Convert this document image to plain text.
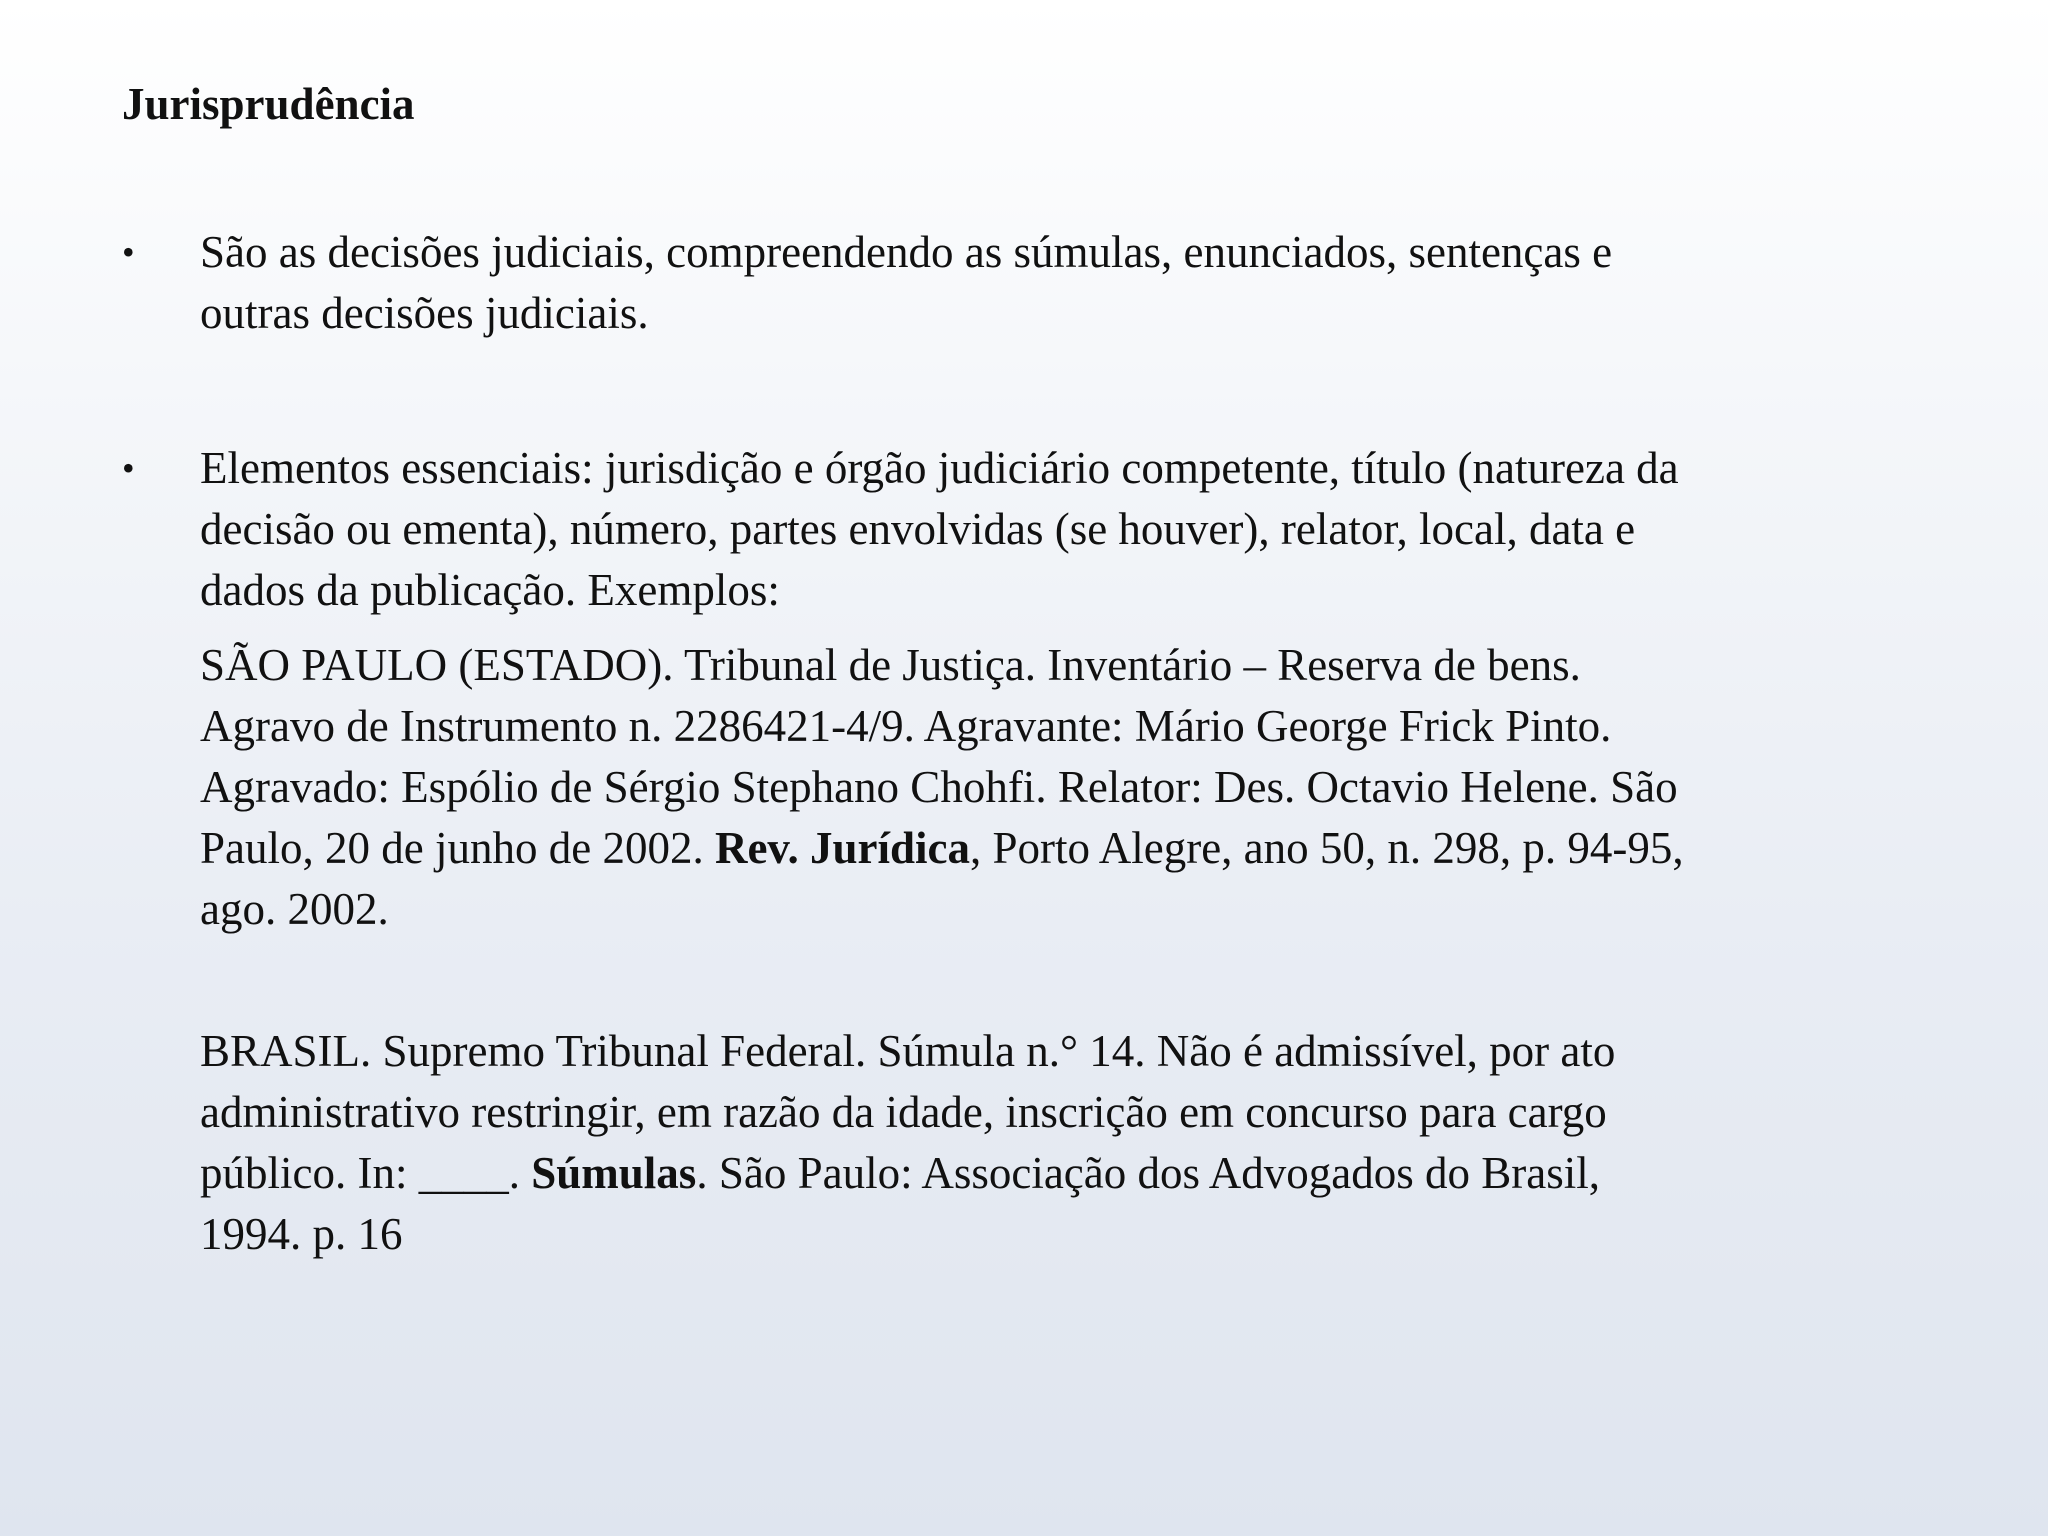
Jurisprudência
•	São as decisões judiciais, compreendendo as súmulas, enunciados, sentenças e
outras decisões judiciais.
•	Elementos essenciais: jurisdição e órgão judiciário competente, título (natureza da
decisão ou ementa), número, partes envolvidas (se houver), relator, local, data e
dados da publicação. Exemplos:
SÃO PAULO (ESTADO). Tribunal de Justiça. Inventário – Reserva de bens.
Agravo de Instrumento n. 2286421-4/9. Agravante: Mário George Frick Pinto.
Agravado: Espólio de Sérgio Stephano Chohfi. Relator: Des. Octavio Helene. São
Paulo, 20 de junho de 2002. Rev. Jurídica, Porto Alegre, ano 50, n. 298, p. 94-95,
ago. 2002.
BRASIL. Supremo Tribunal Federal. Súmula n.° 14. Não é admissível, por ato
administrativo restringir, em razão da idade, inscrição em concurso para cargo
público. In: ____. Súmulas. São Paulo: Associação dos Advogados do Brasil,
1994. p. 16
